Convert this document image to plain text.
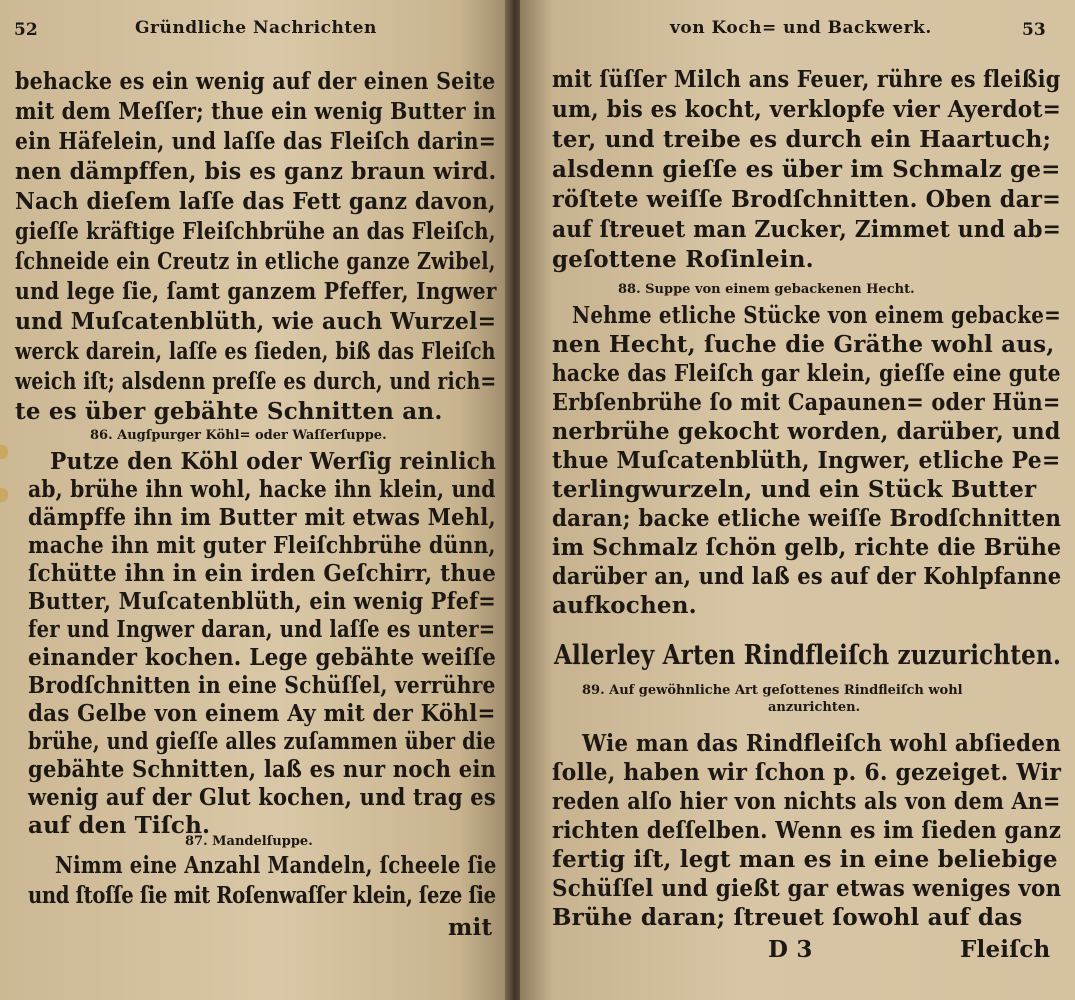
52	Gründliche Nachrichten
behacke es ein wenig auf der einen Seite
mit dem Meſſer; thue ein wenig Butter in
ein Häfelein, und laſſe das Fleiſch darin=
nen dämpffen, bis es ganz braun wird.
Nach dieſem laſſe das Fett ganz davon,
gieſſe kräftige Fleiſchbrühe an das Fleiſch,
ſchneide ein Creutz in etliche ganze Zwibel,
und lege ſie, ſamt ganzem Pfeffer, Ingwer
und Muſcatenblüth, wie auch Wurzel=
werck darein, laſſe es ſieden, biß das Fleiſch
weich iſt; alsdenn preſſe es durch, und rich=
te es über gebähte Schnitten an.
86. Augſpurger Köhl= oder Waſſerſuppe.
Putze den Köhl oder Werſig reinlich
ab, brühe ihn wohl, hacke ihn klein, und
dämpffe ihn im Butter mit etwas Mehl,
mache ihn mit guter Fleiſchbrühe dünn,
ſchütte ihn in ein irden Geſchirr, thue
Butter, Muſcatenblüth, ein wenig Pfef=
fer und Ingwer daran, und laſſe es unter=
einander kochen. Lege gebähte weiſſe
Brodſchnitten in eine Schüſſel, verrühre
das Gelbe von einem Ay mit der Köhl=
brühe, und gieſſe alles zuſammen über die
gebähte Schnitten, laß es nur noch ein
wenig auf der Glut kochen, und trag es
auf den Tiſch.
87. Mandelſuppe.
Nimm eine Anzahl Mandeln, ſcheele ſie
und ſtoſſe ſie mit Roſenwaſſer klein, ſeze ſie
mit
von Koch= und Backwerk.	53
mit ſüſſer Milch ans Feuer, rühre es fleißig
um, bis es kocht, verklopfe vier Ayerdot=
ter, und treibe es durch ein Haartuch;
alsdenn gieſſe es über im Schmalz ge=
röſtete weiſſe Brodſchnitten. Oben dar=
auf ſtreuet man Zucker, Zimmet und ab=
geſottene Roſinlein.
88. Suppe von einem gebackenen Hecht.
Nehme etliche Stücke von einem gebacke=
nen Hecht, ſuche die Gräthe wohl aus,
hacke das Fleiſch gar klein, gieſſe eine gute
Erbſenbrühe ſo mit Capaunen= oder Hün=
nerbrühe gekocht worden, darüber, und
thue Muſcatenblüth, Ingwer, etliche Pe=
terlingwurzeln, und ein Stück Butter
daran; backe etliche weiſſe Brodſchnitten
im Schmalz ſchön gelb, richte die Brühe
darüber an, und laß es auf der Kohlpfanne
aufkochen.
Allerley Arten Rindfleiſch zuzurichten.
89. Auf gewöhnliche Art geſottenes Rindfleiſch wohl
anzurichten.
Wie man das Rindfleiſch wohl abſieden
ſolle, haben wir ſchon p. 6. gezeiget. Wir
reden alſo hier von nichts als von dem An=
richten deſſelben. Wenn es im ſieden ganz
fertig iſt, legt man es in eine beliebige
Schüſſel und gießt gar etwas weniges von
Brühe daran; ſtreuet ſowohl auf das
D 3	Fleiſch
